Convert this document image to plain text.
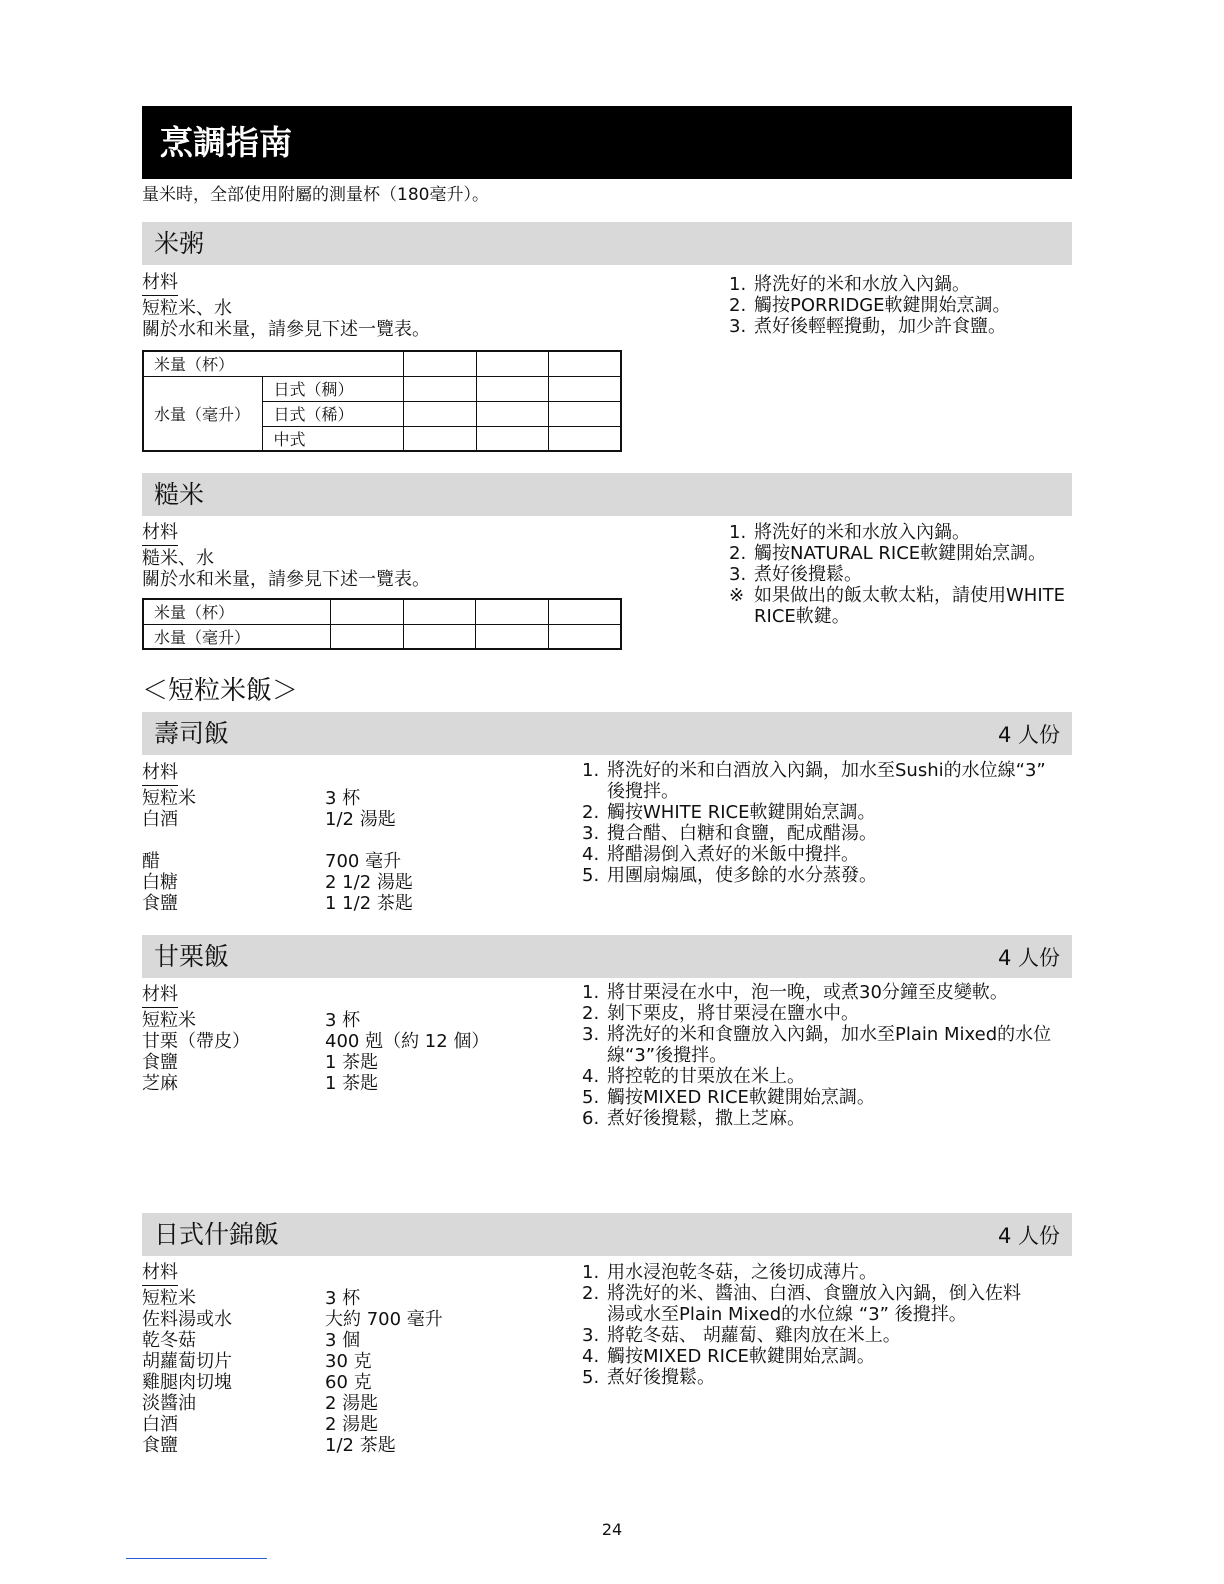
烹調指南
量米時，全部使用附屬的測量杯（180毫升）。
米粥
材料
短粒米、水
關於水和米量，請參見下述一覽表。
米量（杯）				
水量（毫升）	日式（稠）			
	日式（稀）			
	中式			
1. 將洗好的米和水放入內鍋。
2. 觸按PORRIDGE軟鍵開始烹調。
3. 煮好後輕輕攪動，加少許食鹽。
糙米
材料
糙米、水
關於水和米量，請參見下述一覽表。
米量（杯）				
水量（毫升）				
1. 將洗好的米和水放入內鍋。
2. 觸按NATURAL RICE軟鍵開始烹調。
3. 煮好後攪鬆。
※ 如果做出的飯太軟太粘，請使用WHITE
RICE軟鍵。
＜短粒米飯＞
壽司飯	4 人份
材料
短粒米	3 杯
白酒	1/2 湯匙
醋	700 毫升
白糖	2 1/2 湯匙
食鹽	1 1/2 茶匙
1. 將洗好的米和白酒放入內鍋，加水至Sushi的水位線“3”
後攪拌。
2. 觸按WHITE RICE軟鍵開始烹調。
3. 攪合醋、白糖和食鹽，配成醋湯。
4. 將醋湯倒入煮好的米飯中攪拌。
5. 用團扇煽風，使多餘的水分蒸發。
甘栗飯	4 人份
材料
短粒米	3 杯
甘栗（帶皮）	400 剋（約 12 個）
食鹽	1 茶匙
芝麻	1 茶匙
1. 將甘栗浸在水中，泡一晚，或煮30分鐘至皮變軟。
2. 剝下栗皮，將甘栗浸在鹽水中。
3. 將洗好的米和食鹽放入內鍋，加水至Plain Mixed的水位
線“3”後攪拌。
4. 將控乾的甘栗放在米上。
5. 觸按MIXED RICE軟鍵開始烹調。
6. 煮好後攪鬆，撒上芝麻。
日式什錦飯	4 人份
材料
短粒米	3 杯
佐料湯或水	大約 700 毫升
乾冬菇	3 個
胡蘿蔔切片	30 克
雞腿肉切塊	60 克
淡醬油	2 湯匙
白酒	2 湯匙
食鹽	1/2 茶匙
1. 用水浸泡乾冬菇，之後切成薄片。
2. 將洗好的米、醬油、白酒、食鹽放入內鍋，倒入佐料
湯或水至Plain Mixed的水位線 “3” 後攪拌。
3. 將乾冬菇、 胡蘿蔔、雞肉放在米上。
4. 觸按MIXED RICE軟鍵開始烹調。
5. 煮好後攪鬆。
24
